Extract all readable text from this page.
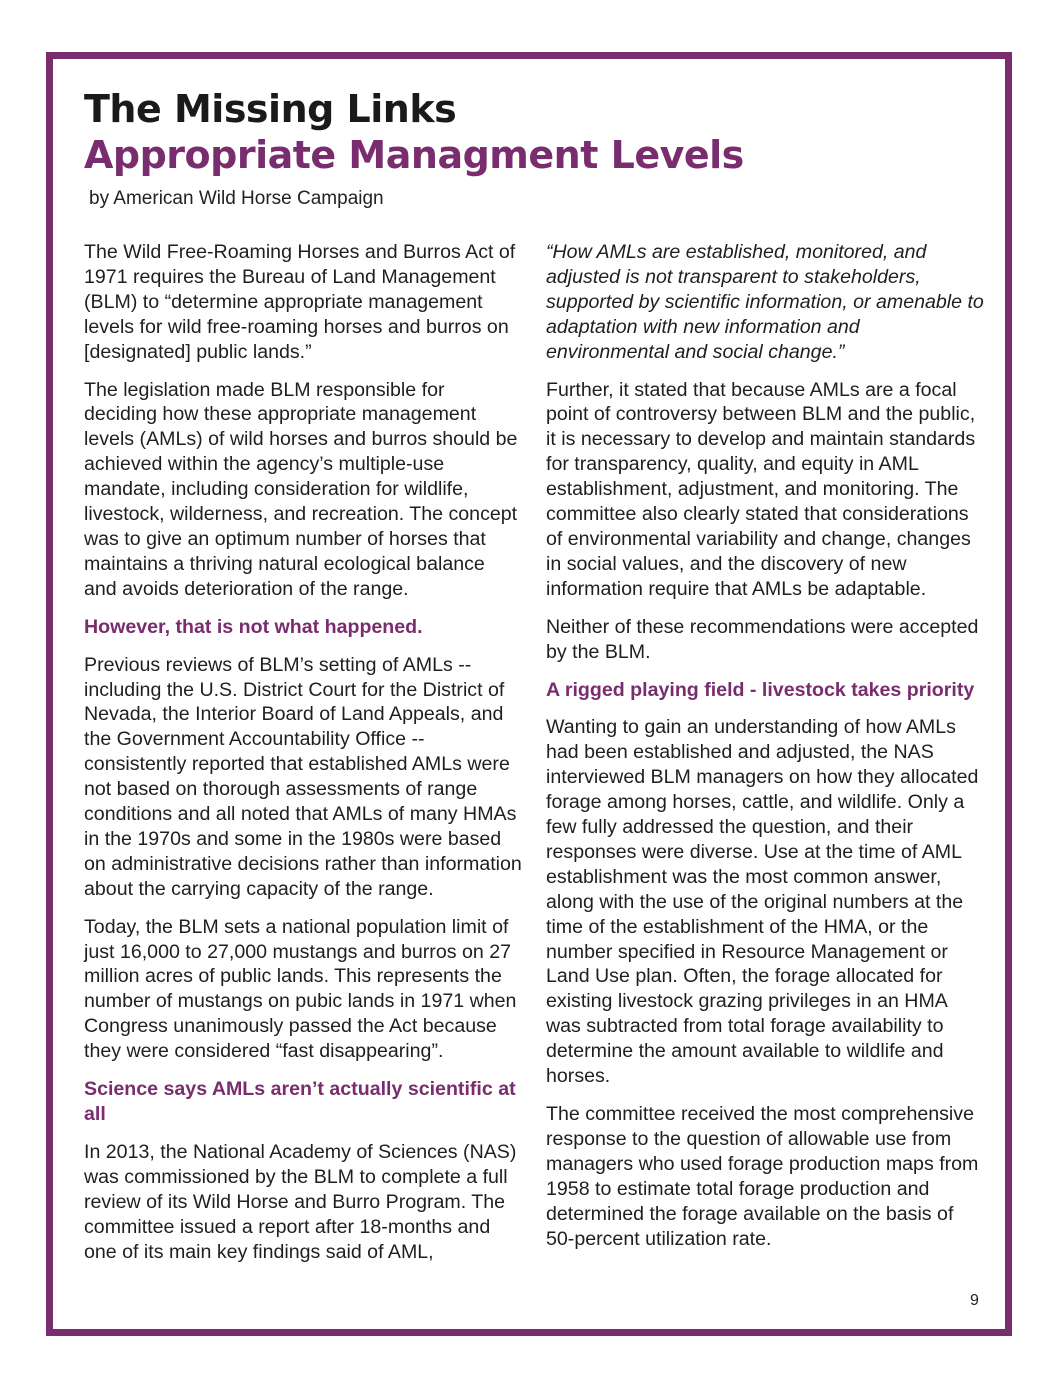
The Missing Links
Appropriate Managment Levels

by American Wild Horse Campaign

The Wild Free-Roaming Horses and Burros Act of 1971 requires the Bureau of Land Management (BLM) to “determine appropriate management levels for wild free-roaming horses and burros on [designated] public lands.”

The legislation made BLM responsible for deciding how these appropriate management levels (AMLs) of wild horses and burros should be achieved within the agency’s multiple-use mandate, including consideration for wildlife, livestock, wilderness, and recreation. The concept was to give an optimum number of horses that maintains a thriving natural ecological balance and avoids deterioration of the range.

However, that is not what happened.

Previous reviews of BLM’s setting of AMLs -- including the U.S. District Court for the District of Nevada, the Interior Board of Land Appeals, and the Government Accountability Office -- consistently reported that established AMLs were not based on thorough assessments of range conditions and all noted that AMLs of many HMAs in the 1970s and some in the 1980s were based on administrative decisions rather than information about the carrying capacity of the range.

Today, the BLM sets a national population limit of just 16,000 to 27,000 mustangs and burros on 27 million acres of public lands. This represents the number of mustangs on pubic lands in 1971 when Congress unanimously passed the Act because they were considered “fast disappearing”.

Science says AMLs aren’t actually scientific at all

In 2013, the National Academy of Sciences (NAS) was commissioned by the BLM to complete a full review of its Wild Horse and Burro Program. The committee issued a report after 18-months and one of its main key findings said of AML,

“How AMLs are established, monitored, and adjusted is not transparent to stakeholders, supported by scientific information, or amenable to adaptation with new information and environmental and social change.”

Further, it stated that because AMLs are a focal point of controversy between BLM and the public, it is necessary to develop and maintain standards for transparency, quality, and equity in AML establishment, adjustment, and monitoring. The committee also clearly stated that considerations of environmental variability and change, changes in social values, and the discovery of new information require that AMLs be adaptable.

Neither of these recommendations were accepted by the BLM.

A rigged playing field - livestock takes priority

Wanting to gain an understanding of how AMLs had been established and adjusted, the NAS interviewed BLM managers on how they allocated forage among horses, cattle, and wildlife. Only a few fully addressed the question, and their responses were diverse. Use at the time of AML establishment was the most common answer, along with the use of the original numbers at the time of the establishment of the HMA, or the number specified in Resource Management or Land Use plan. Often, the forage allocated for existing livestock grazing privileges in an HMA was subtracted from total forage availability to determine the amount available to wildlife and horses.

The committee received the most comprehensive response to the question of allowable use from managers who used forage production maps from 1958 to estimate total forage production and determined the forage available on the basis of 50-percent utilization rate.

9
